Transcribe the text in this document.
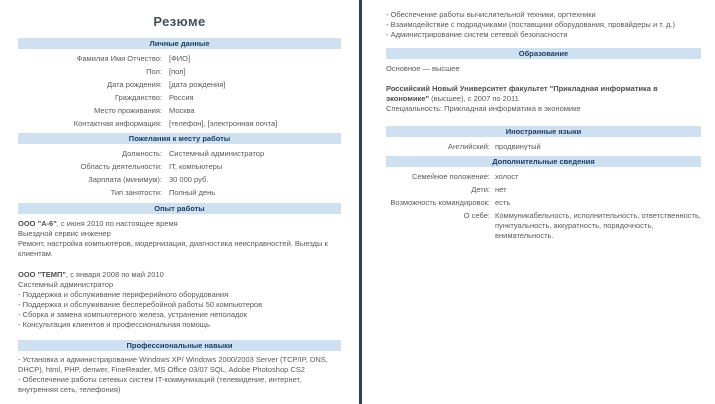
Резюме
Личные данные
Фамилия Имя Отчество: [ФИО]
Пол: [пол]
Дата рождения: [дата рождения]
Гражданство: Россия
Место проживания: Москва
Контактная информация: [телефон], [электронная почта]
Пожелания к месту работы
Должность: Системный администратор
Область деятельности: IT, компьютеры
Зарплата (минимум): 30 000 руб.
Тип занятости: Полный день
Опыт работы
ООО "А-6", с июня 2010 по настоящее время
Выездной сервис инженер
Ремонт, настройка компьютеров, модернизация, диагностика неисправностей. Выезды к клиентам.
ООО "ТЕМП", с января 2008 по май 2010
Системный администратор
- Поддержка и обслуживание периферийного оборудования
- Поддержка и обслуживание бесперебойной работы 50 компьютеров
- Сборка и замена компьютерного железа, устранение неполадок
- Консультация клиентов и профессиональная помощь
Профессиональные навыки
- Установка и администрирование Windows XP/ Windows 2000/2003 Server (TCP/IP, DNS, DHCP), html, PHP, denwer, FineReader, MS Office 03/07 SQL, Adobe Photoshop CS2
- Обеспечение работы сетевых систем IT-коммуникаций (телевидение, интернет, внутренняя сеть, телефония)
- Обеспечение работы вычислительной техники, оргтехники
- Взаимодействие с подрядчиками (поставщики оборудования, провайдеры и т. д.)
- Администрирование систем сетевой безопасности
Образование
Основное — высшее
Российский Новый Университет факультет "Прикладная информатика в экономике" (высшее), с 2007 по 2011
Специальность: Прикладная информатика в экономике
Иностранные языки
Английский: продвинутый
Дополнительные сведения
Семейное положение: холост
Дети: нет
Возможность командировок: есть
О себе: Коммуникабельность, исполнительность, ответственность, пунктуальность, аккуратность, порядочность, внимательность.
